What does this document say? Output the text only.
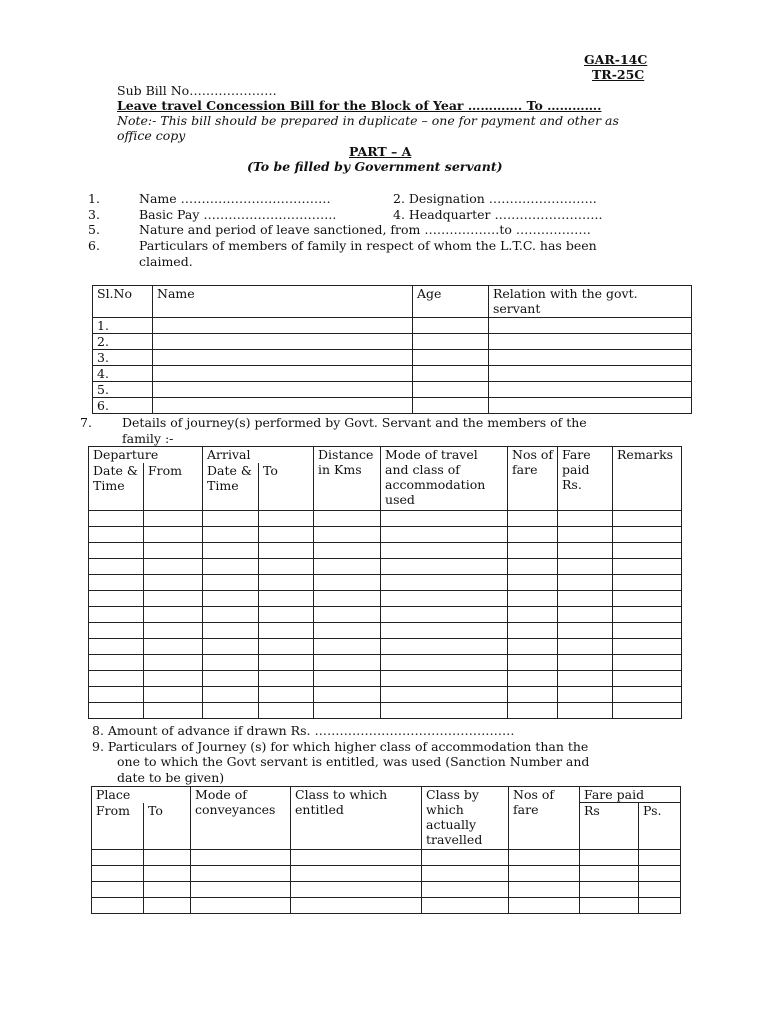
GAR-14C
TR-25C
Sub Bill No…………………
Leave travel Concession Bill for the Block of Year …………. To ………….
Note:- This bill should be prepared in duplicate – one for payment and other as
office copy
PART – A
(To be filled by Government servant)
1.	Name ………………………………	2. Designation ……………………..
3.	Basic Pay …………………………..	4. Headquarter ……………………..
5.	Nature and period of leave sanctioned, from ………………to ………………
6.	Particulars of members of family in respect of whom the L.T.C. has been
claimed.
Sl.No	Name	Age	Relation with the govt.
servant
1.			
2.			
3.			
4.			
5.			
6.			
7. Details of journey(s) performed by Govt. Servant and the members of the
family :-
Departure		Arrival		Distance in Kms	Mode of travel and class of accommodation used	Nos of fare	Fare paid Rs.	Remarks
Date & Time	From	Date & Time	To					

8. Amount of advance if drawn Rs. …………………………………………
9. Particulars of Journey (s) for which higher class of accommodation than the
one to which the Govt servant is entitled, was used (Sanction Number and
date to be given)
Place		Mode of conveyances	Class to which entitled	Class by which actually travelled	Nos of fare	Fare paid	
From	To					Rs	Ps.
